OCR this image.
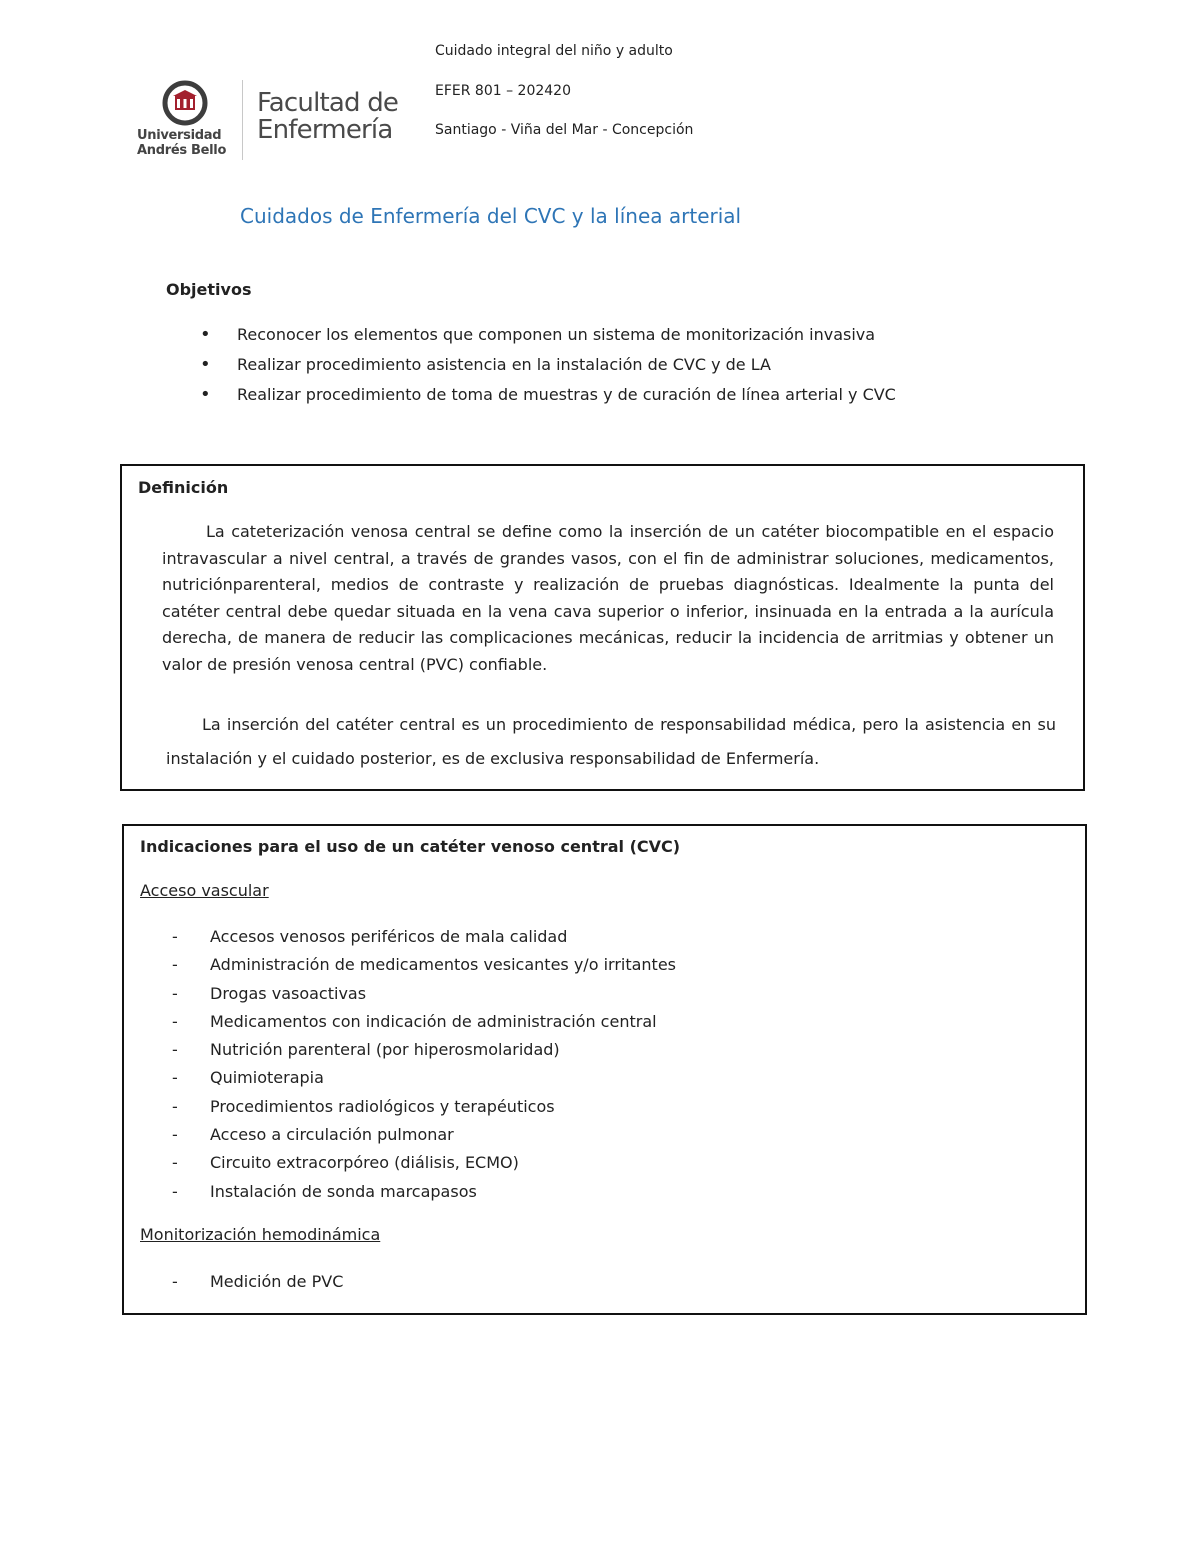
Universidad
Andrés Bello
Facultad de
Enfermería
Cuidado integral del niño y adulto
EFER 801 – 202420
Santiago - Viña del Mar - Concepción
Cuidados de Enfermería del CVC y la línea arterial
Objetivos
• Reconocer los elementos que componen un sistema de monitorización invasiva
• Realizar procedimiento asistencia en la instalación de CVC y de LA
• Realizar procedimiento de toma de muestras y de curación de línea arterial y CVC
Definición
La cateterización venosa central se define como la inserción de un catéter biocompatible en el espacio intravascular a nivel central, a través de grandes vasos, con el fin de administrar soluciones, medicamentos, nutriciónparenteral, medios de contraste y realización de pruebas diagnósticas. Idealmente la punta del catéter central debe quedar situada en la vena cava superior o inferior, insinuada en la entrada a la aurícula derecha, de manera de reducir las complicaciones mecánicas, reducir la incidencia de arritmias y obtener un valor de presión venosa central (PVC) confiable.
La inserción del catéter central es un procedimiento de responsabilidad médica, pero la asistencia en su instalación y el cuidado posterior, es de exclusiva responsabilidad de Enfermería.
Indicaciones para el uso de un catéter venoso central (CVC)
Acceso vascular
- Accesos venosos periféricos de mala calidad
- Administración de medicamentos vesicantes y/o irritantes
- Drogas vasoactivas
- Medicamentos con indicación de administración central
- Nutrición parenteral (por hiperosmolaridad)
- Quimioterapia
- Procedimientos radiológicos y terapéuticos
- Acceso a circulación pulmonar
- Circuito extracorpóreo (diálisis, ECMO)
- Instalación de sonda marcapasos
Monitorización hemodinámica
- Medición de PVC
